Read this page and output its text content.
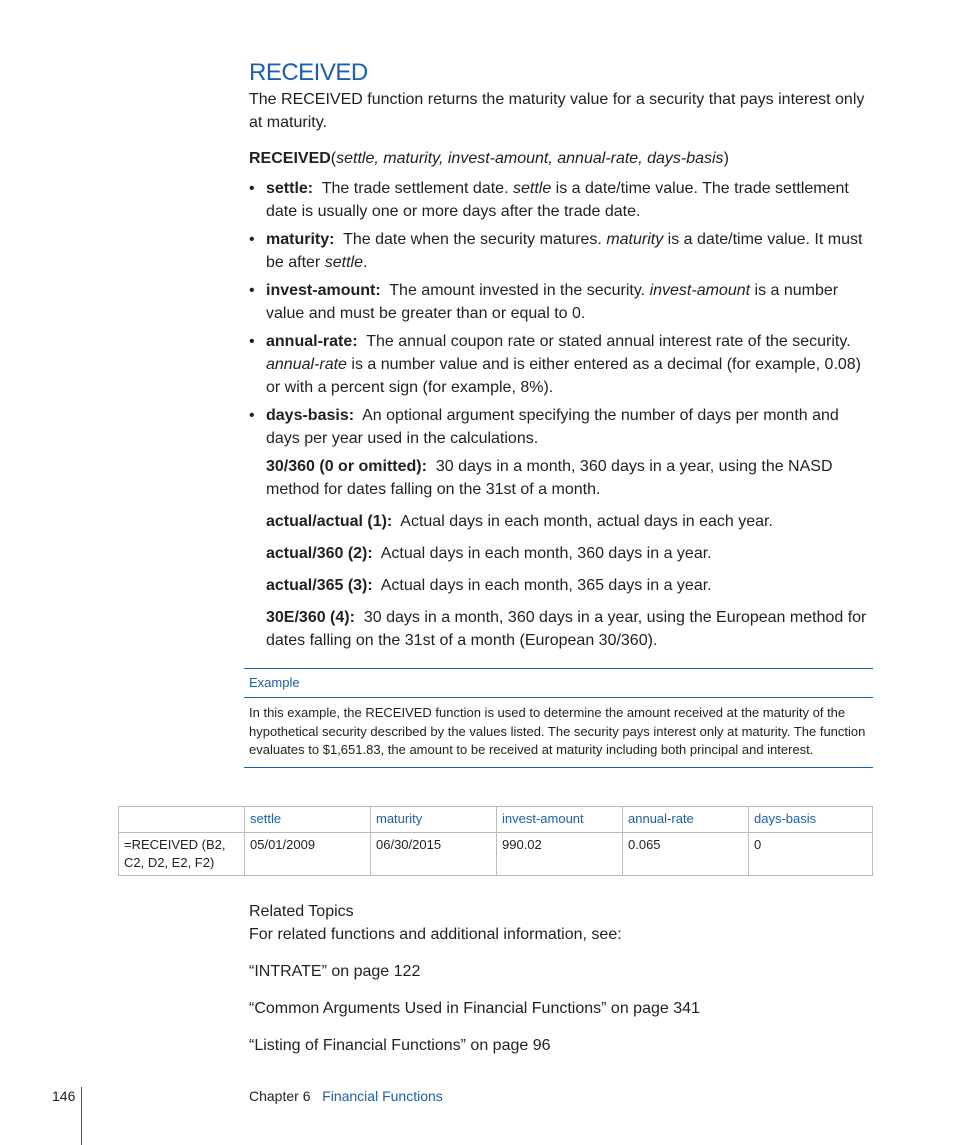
RECEIVED

The RECEIVED function returns the maturity value for a security that pays interest only at maturity.

RECEIVED(settle, maturity, invest-amount, annual-rate, days-basis)

• settle: The trade settlement date. settle is a date/time value. The trade settlement date is usually one or more days after the trade date.

• maturity: The date when the security matures. maturity is a date/time value. It must be after settle.

• invest-amount: The amount invested in the security. invest-amount is a number value and must be greater than or equal to 0.

• annual-rate: The annual coupon rate or stated annual interest rate of the security. annual-rate is a number value and is either entered as a decimal (for example, 0.08) or with a percent sign (for example, 8%).

• days-basis: An optional argument specifying the number of days per month and days per year used in the calculations.

30/360 (0 or omitted): 30 days in a month, 360 days in a year, using the NASD method for dates falling on the 31st of a month.

actual/actual (1): Actual days in each month, actual days in each year.

actual/360 (2): Actual days in each month, 360 days in a year.

actual/365 (3): Actual days in each month, 365 days in a year.

30E/360 (4): 30 days in a month, 360 days in a year, using the European method for dates falling on the 31st of a month (European 30/360).

Example
In this example, the RECEIVED function is used to determine the amount received at the maturity of the hypothetical security described by the values listed. The security pays interest only at maturity. The function evaluates to $1,651.83, the amount to be received at maturity including both principal and interest.
	settle	maturity	invest-amount	annual-rate	days-basis
=RECEIVED (B2, C2, D2, E2, F2)	05/01/2009	06/30/2015	990.02	0.065	0

Related Topics

For related functions and additional information, see:

“INTRATE” on page 122

“Common Arguments Used in Financial Functions” on page 341

“Listing of Financial Functions” on page 96

146	Chapter 6 Financial Functions
